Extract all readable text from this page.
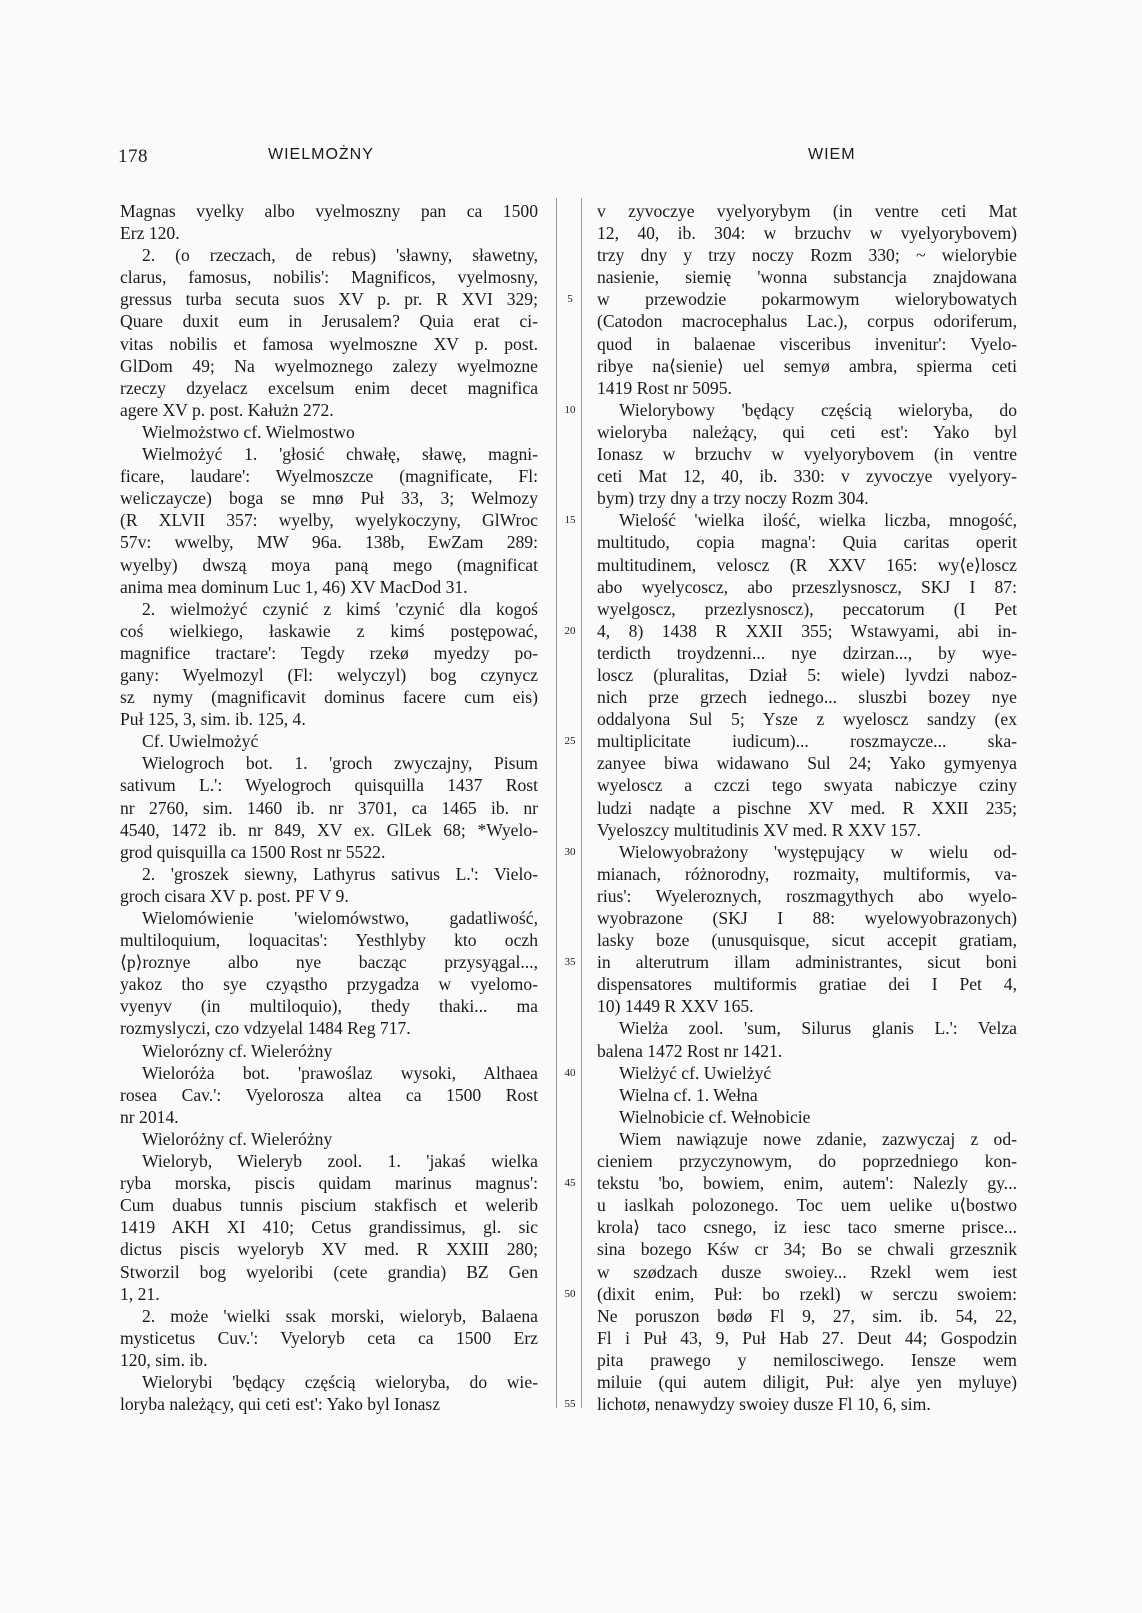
178	WIELMOŻNY	WIEM
Magnas vyelky albo vyelmoszny pan ca 1500
Erz 120.
2. (o rzeczach, de rebus) 'sławny, sławetny,
clarus, famosus, nobilis': Magnificos, vyelmosny,
gressus turba secuta suos XV p. pr. R XVI 329;
Quare duxit eum in Jerusalem? Quia erat ci-
vitas nobilis et famosa wyelmoszne XV p. post.
GlDom 49; Na wyelmoznego zalezy wyelmozne
rzeczy dzyelacz excelsum enim decet magnifica
agere XV p. post. Kałużn 272.
Wielmożstwo cf. Wielmostwo
Wielmożyć 1. 'głosić chwałę, sławę, magni-
ficare, laudare': Wyelmoszcze (magnificate, Fl:
weliczaycze) boga se mnø Puł 33, 3; Welmozy
(R XLVII 357: wyelby, wyelykoczyny, GlWroc
57v: wwelby, MW 96a. 138b, EwZam 289:
wyelby) dwszą moya paną mego (magnificat
anima mea dominum Luc 1, 46) XV MacDod 31.
2. wielmożyć czynić z kimś 'czynić dla kogoś
coś wielkiego, łaskawie z kimś postępować,
magnifice tractare': Tegdy rzekø myedzy po-
gany: Wyelmozyl (Fl: welyczyl) bog czynycz
sz nymy (magnificavit dominus facere cum eis)
Puł 125, 3, sim. ib. 125, 4.
Cf. Uwielmożyć
Wielogroch bot. 1. 'groch zwyczajny, Pisum
sativum L.': Wyelogroch quisquilla 1437 Rost
nr 2760, sim. 1460 ib. nr 3701, ca 1465 ib. nr
4540, 1472 ib. nr 849, XV ex. GlLek 68; *Wyelo-
grod quisquilla ca 1500 Rost nr 5522.
2. 'groszek siewny, Lathyrus sativus L.': Vielo-
groch cisara XV p. post. PF V 9.
Wielomówienie 'wielomówstwo, gadatliwość,
multiloquium, loquacitas': Yesthlyby kto oczh
⟨p⟩roznye albo nye bacząc przysyągal...,
yakoz tho sye czyąstho przygadza w vyelomo-
vyenyv (in multiloquio), thedy thaki... ma
rozmyslyczi, czo vdzyelal 1484 Reg 717.
Wielorózny cf. Wieleróżny
Wieloróża bot. 'prawoślaz wysoki, Althaea
rosea Cav.': Vyelorosza altea ca 1500 Rost
nr 2014.
Wieloróżny cf. Wieleróżny
Wieloryb, Wieleryb zool. 1. 'jakaś wielka
ryba morska, piscis quidam marinus magnus':
Cum duabus tunnis piscium stakfisch et welerib
1419 AKH XI 410; Cetus grandissimus, gl. sic
dictus piscis wyeloryb XV med. R XXIII 280;
Stworzil bog wyeloribi (cete grandia) BZ Gen
1, 21.
2. może 'wielki ssak morski, wieloryb, Balaena
mysticetus Cuv.': Vyeloryb ceta ca 1500 Erz
120, sim. ib.
Wielorybi 'będący częścią wieloryba, do wie-
loryba należący, qui ceti est': Yako byl Ionasz
5
10
15
20
25
30
35
40
45
50
55
v zyvoczye vyelyorybym (in ventre ceti Mat
12, 40, ib. 304: w brzuchv w vyelyorybovem)
trzy dny y trzy noczy Rozm 330; ~ wielorybie
nasienie, siemię 'wonna substancja znajdowana
w przewodzie pokarmowym wielorybowatych
(Catodon macrocephalus Lac.), corpus odoriferum,
quod in balaenae visceribus invenitur': Vyelo-
ribye na⟨sienie⟩ uel semyø ambra, spierma ceti
1419 Rost nr 5095.
Wielorybowy 'będący częścią wieloryba, do
wieloryba należący, qui ceti est': Yako byl
Ionasz w brzuchv w vyelyorybovem (in ventre
ceti Mat 12, 40, ib. 330: v zyvoczye vyelyory-
bym) trzy dny a trzy noczy Rozm 304.
Wielość 'wielka ilość, wielka liczba, mnogość,
multitudo, copia magna': Quia caritas operit
multitudinem, veloscz (R XXV 165: wy⟨e⟩loscz
abo wyelycoscz, abo przeszlysnoscz, SKJ I 87:
wyelgoscz, przezlysnoscz), peccatorum (I Pet
4, 8) 1438 R XXII 355; Wstawyami, abi in-
terdicth troydzenni... nye dzirzan..., by wye-
loscz (pluralitas, Dział 5: wiele) lyvdzi naboz-
nich prze grzech iednego... sluszbi bozey nye
oddalyona Sul 5; Ysze z wyeloscz sandzy (ex
multiplicitate iudicum)... roszmaycze... ska-
zanyee biwa widawano Sul 24; Yako gymyenya
wyeloscz a czczi tego swyata nabiczye cziny
ludzi nadąte a pischne XV med. R XXII 235;
Vyeloszcy multitudinis XV med. R XXV 157.
Wielowyobrażony 'występujący w wielu od-
mianach, różnorodny, rozmaity, multiformis, va-
rius': Wyeleroznych, roszmagythych abo wyelo-
wyobrazone (SKJ I 88: wyelowyobrazonych)
lasky boze (unusquisque, sicut accepit gratiam,
in alterutrum illam administrantes, sicut boni
dispensatores multiformis gratiae dei I Pet 4,
10) 1449 R XXV 165.
Wielża zool. 'sum, Silurus glanis L.': Velza
balena 1472 Rost nr 1421.
Wielżyć cf. Uwielżyć
Wielna cf. 1. Wełna
Wielnobicie cf. Wełnobicie
Wiem nawiązuje nowe zdanie, zazwyczaj z od-
cieniem przyczynowym, do poprzedniego kon-
tekstu 'bo, bowiem, enim, autem': Nalezly gy...
u iaslkah polozonego. Toc uem uelike u⟨bostwo
krola⟩ taco csnego, iz iesc taco smerne prisce...
sina bozego Kśw cr 34; Bo se chwali grzesznik
w szødzach dusze swoiey... Rzekl wem iest
(dixit enim, Puł: bo rzekl) w serczu swoiem:
Ne poruszon bødø Fl 9, 27, sim. ib. 54, 22,
Fl i Puł 43, 9, Puł Hab 27. Deut 44; Gospodzin
pita prawego y nemilosciwego. Iensze wem
miluie (qui autem diligit, Puł: alye yen myluye)
lichotø, nenawydzy swoiey dusze Fl 10, 6, sim.
